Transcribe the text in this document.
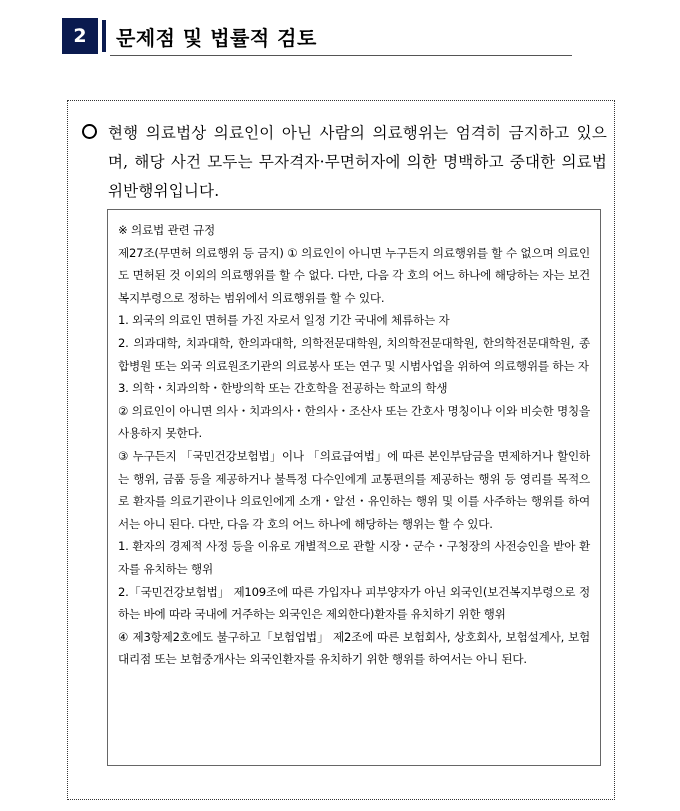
2	문제점 및 법률적 검토

현행 의료법상 의료인이 아닌 사람의 의료행위는 엄격히 금지하고 있으며, 해당 사건 모두는 무자격자·무면허자에 의한 명백하고 중대한 의료법 위반행위입니다.

※ 의료법 관련 규정
제27조(무면허 의료행위 등 금지) ① 의료인이 아니면 누구든지 의료행위를 할 수 없으며 의료인도 면허된 것 이외의 의료행위를 할 수 없다. 다만, 다음 각 호의 어느 하나에 해당하는 자는 보건복지부령으로 정하는 범위에서 의료행위를 할 수 있다.
1. 외국의 의료인 면허를 가진 자로서 일정 기간 국내에 체류하는 자
2. 의과대학, 치과대학, 한의과대학, 의학전문대학원, 치의학전문대학원, 한의학전문대학원, 종합병원 또는 외국 의료원조기관의 의료봉사 또는 연구 및 시범사업을 위하여 의료행위를 하는 자
3. 의학・치과의학・한방의학 또는 간호학을 전공하는 학교의 학생
② 의료인이 아니면 의사・치과의사・한의사・조산사 또는 간호사 명칭이나 이와 비슷한 명칭을 사용하지 못한다.
③ 누구든지 「국민건강보험법」이나 「의료급여법」에 따른 본인부담금을 면제하거나 할인하는 행위, 금품 등을 제공하거나 불특정 다수인에게 교통편의를 제공하는 행위 등 영리를 목적으로 환자를 의료기관이나 의료인에게 소개・알선・유인하는 행위 및 이를 사주하는 행위를 하여서는 아니 된다. 다만, 다음 각 호의 어느 하나에 해당하는 행위는 할 수 있다.
1. 환자의 경제적 사정 등을 이유로 개별적으로 관할 시장・군수・구청장의 사전승인을 받아 환자를 유치하는 행위
2.「국민건강보험법」 제109조에 따른 가입자나 피부양자가 아닌 외국인(보건복지부령으로 정하는 바에 따라 국내에 거주하는 외국인은 제외한다)환자를 유치하기 위한 행위
④ 제3항제2호에도 불구하고「보험업법」 제2조에 따른 보험회사, 상호회사, 보험설계사, 보험대리점 또는 보험중개사는 외국인환자를 유치하기 위한 행위를 하여서는 아니 된다.
